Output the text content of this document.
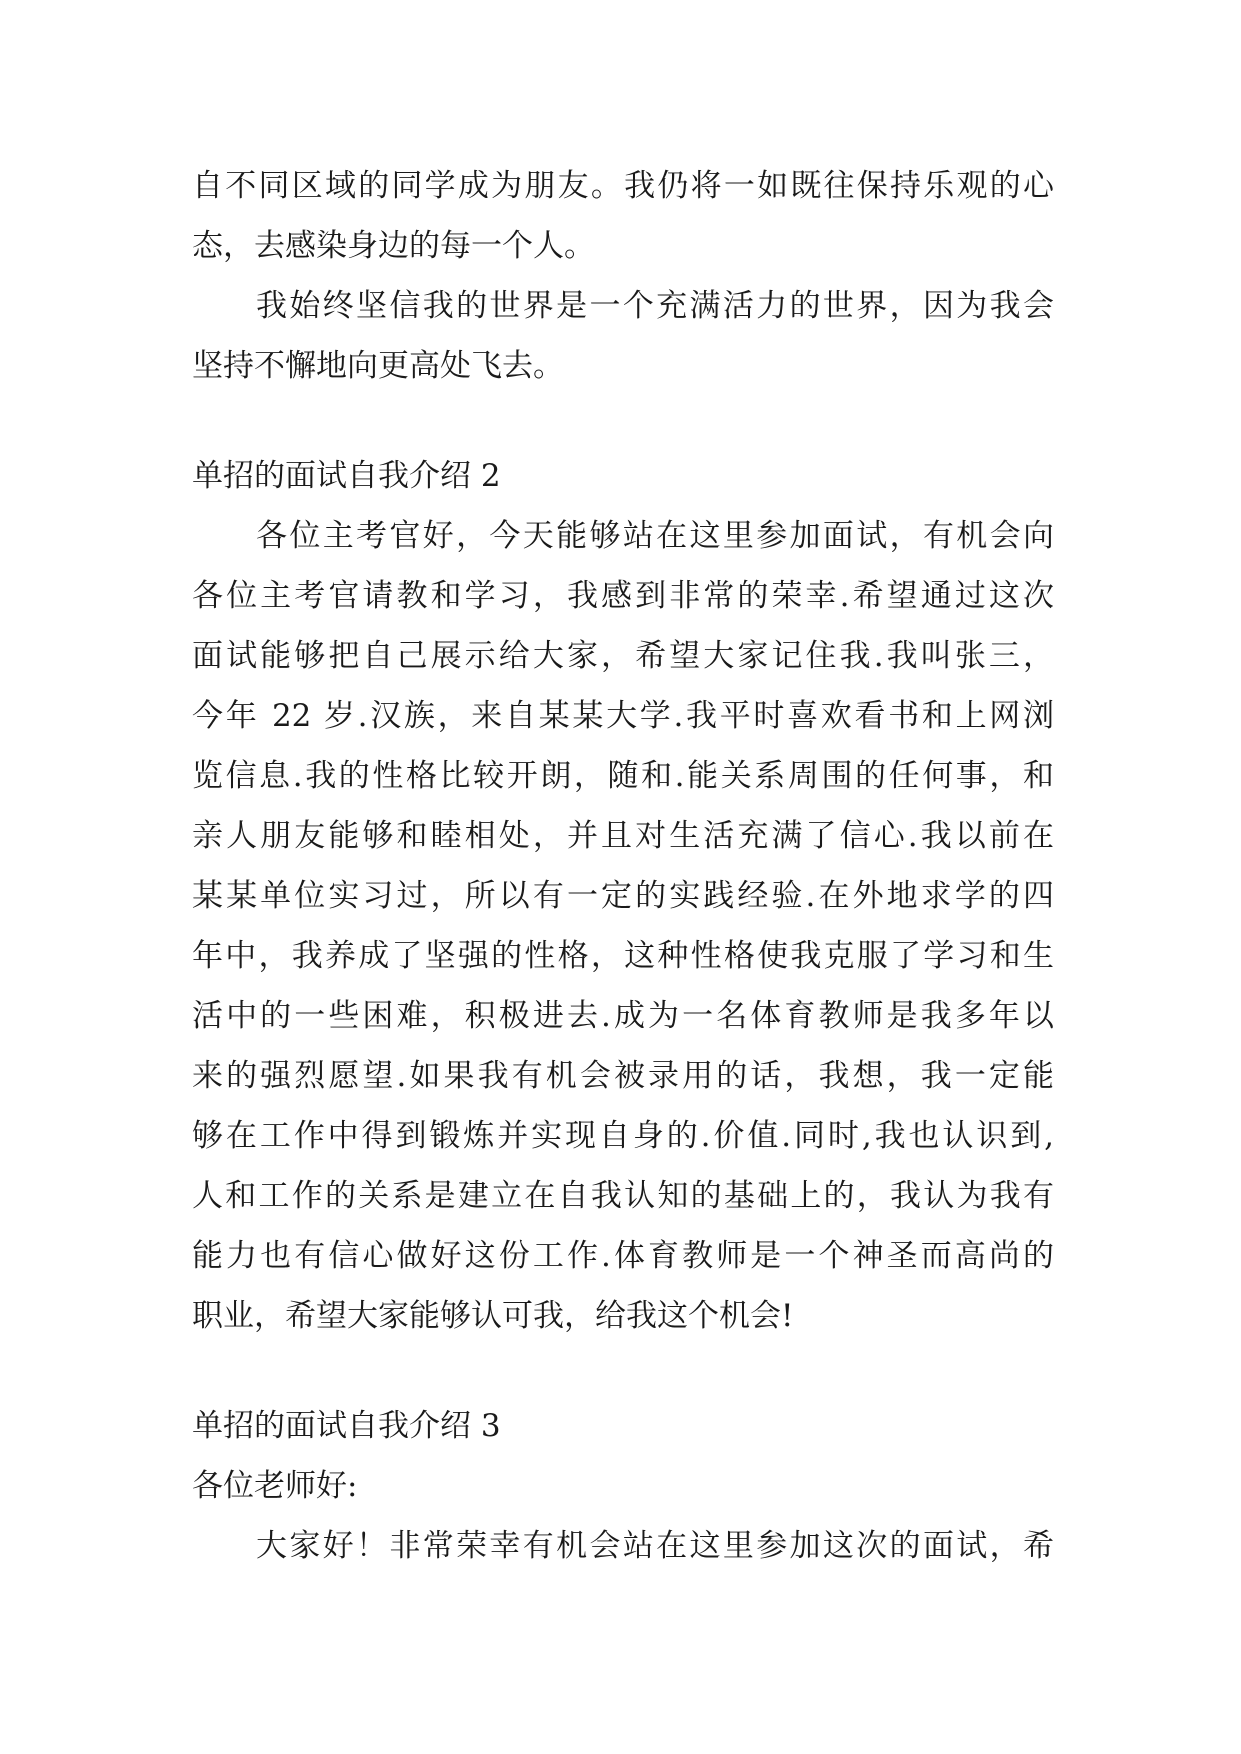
自不同区域的同学成为朋友。我仍将一如既往保持乐观的心
态，去感染身边的每一个人。
我始终坚信我的世界是一个充满活力的世界，因为我会
坚持不懈地向更高处飞去。
单招的面试自我介绍 2
各位主考官好，今天能够站在这里参加面试，有机会向
各位主考官请教和学习，我感到非常的荣幸.希望通过这次
面试能够把自己展示给大家，希望大家记住我.我叫张三，
今年 22 岁.汉族，来自某某大学.我平时喜欢看书和上网浏
览信息.我的性格比较开朗，随和.能关系周围的任何事，和
亲人朋友能够和睦相处，并且对生活充满了信心.我以前在
某某单位实习过，所以有一定的实践经验.在外地求学的四
年中，我养成了坚强的性格，这种性格使我克服了学习和生
活中的一些困难，积极进去.成为一名体育教师是我多年以
来的强烈愿望.如果我有机会被录用的话，我想，我一定能
够在工作中得到锻炼并实现自身的.价值.同时,我也认识到,
人和工作的关系是建立在自我认知的基础上的，我认为我有
能力也有信心做好这份工作.体育教师是一个神圣而高尚的
职业，希望大家能够认可我，给我这个机会!
单招的面试自我介绍 3
各位老师好:
大家好！非常荣幸有机会站在这里参加这次的面试，希
